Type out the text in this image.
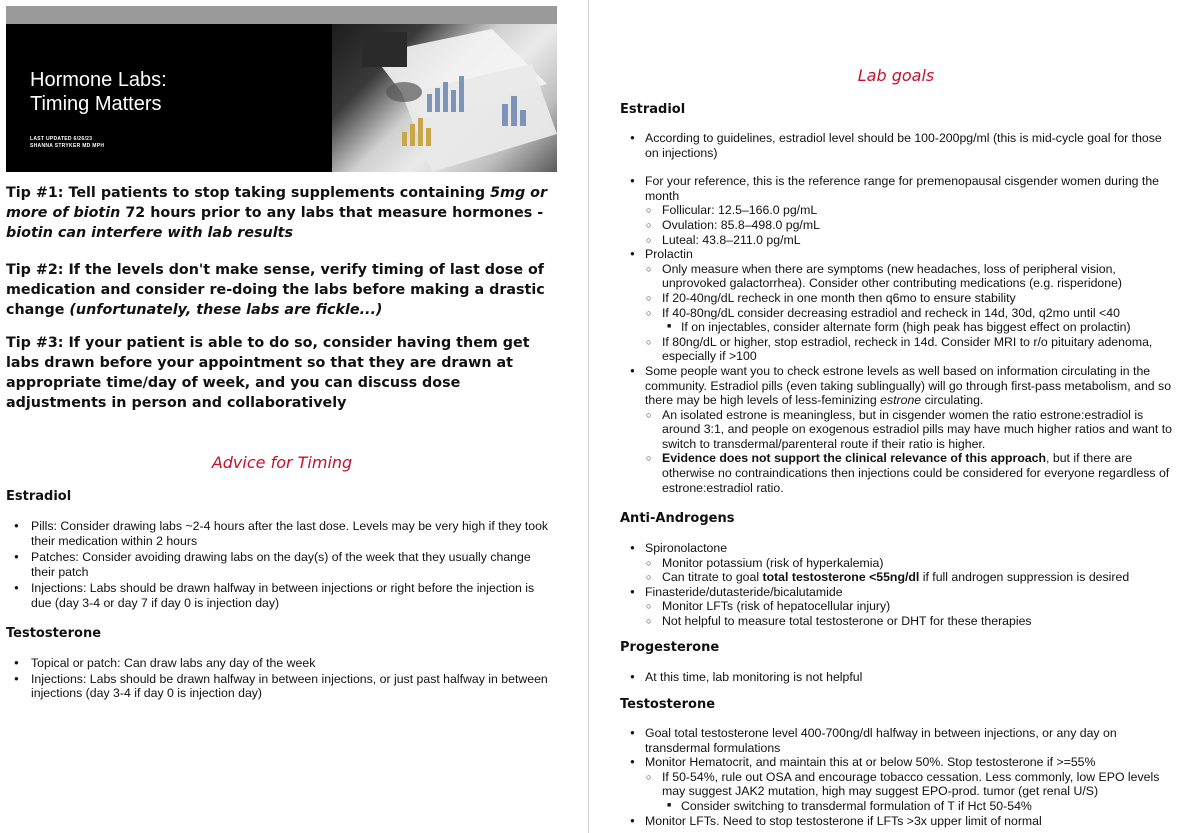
Hormone Labs:
Timing Matters
LAST UPDATED 6/26/23
SHANNA STRYKER MD MPH
Tip #1: Tell patients to stop taking supplements containing 5mg or more of biotin 72 hours prior to any labs that measure hormones - biotin can interfere with lab results
Tip #2: If the levels don't make sense, verify timing of last dose of medication and consider re-doing the labs before making a drastic change (unfortunately, these labs are fickle...)
Tip #3: If your patient is able to do so, consider having them get labs drawn before your appointment so that they are drawn at appropriate time/day of week, and you can discuss dose adjustments in person and collaboratively
Advice for Timing
Estradiol
● Pills: Consider drawing labs ~2-4 hours after the last dose. Levels may be very high if they took their medication within 2 hours
● Patches: Consider avoiding drawing labs on the day(s) of the week that they usually change their patch
● Injections: Labs should be drawn halfway in between injections or right before the injection is due (day 3-4 or day 7 if day 0 is injection day)
Testosterone
● Topical or patch: Can draw labs any day of the week
● Injections: Labs should be drawn halfway in between injections, or just past halfway in between injections (day 3-4 if day 0 is injection day)
Lab goals
Estradiol
● According to guidelines, estradiol level should be 100-200pg/ml (this is mid-cycle goal for those on injections)
● For your reference, this is the reference range for premenopausal cisgender women during the month
○ Follicular: 12.5–166.0 pg/mL
○ Ovulation: 85.8–498.0 pg/mL
○ Luteal: 43.8–211.0 pg/mL
● Prolactin
○ Only measure when there are symptoms (new headaches, loss of peripheral vision, unprovoked galactorrhea). Consider other contributing medications (e.g. risperidone)
○ If 20-40ng/dL recheck in one month then q6mo to ensure stability
○ If 40-80ng/dL consider decreasing estradiol and recheck in 14d, 30d, q2mo until <40
■ If on injectables, consider alternate form (high peak has biggest effect on prolactin)
○ If 80ng/dL or higher, stop estradiol, recheck in 14d. Consider MRI to r/o pituitary adenoma, especially if >100
● Some people want you to check estrone levels as well based on information circulating in the community. Estradiol pills (even taking sublingually) will go through first-pass metabolism, and so there may be high levels of less-feminizing estrone circulating.
○ An isolated estrone is meaningless, but in cisgender women the ratio estrone:estradiol is around 3:1, and people on exogenous estradiol pills may have much higher ratios and want to switch to transdermal/parenteral route if their ratio is higher.
○ Evidence does not support the clinical relevance of this approach, but if there are otherwise no contraindications then injections could be considered for everyone regardless of estrone:estradiol ratio.
Anti-Androgens
● Spironolactone
○ Monitor potassium (risk of hyperkalemia)
○ Can titrate to goal total testosterone <55ng/dl if full androgen suppression is desired
● Finasteride/dutasteride/bicalutamide
○ Monitor LFTs (risk of hepatocellular injury)
○ Not helpful to measure total testosterone or DHT for these therapies
Progesterone
● At this time, lab monitoring is not helpful
Testosterone
● Goal total testosterone level 400-700ng/dl halfway in between injections, or any day on transdermal formulations
● Monitor Hematocrit, and maintain this at or below 50%. Stop testosterone if >=55%
○ If 50-54%, rule out OSA and encourage tobacco cessation. Less commonly, low EPO levels may suggest JAK2 mutation, high may suggest EPO-prod. tumor (get renal U/S)
■ Consider switching to transdermal formulation of T if Hct 50-54%
● Monitor LFTs. Need to stop testosterone if LFTs >3x upper limit of normal
